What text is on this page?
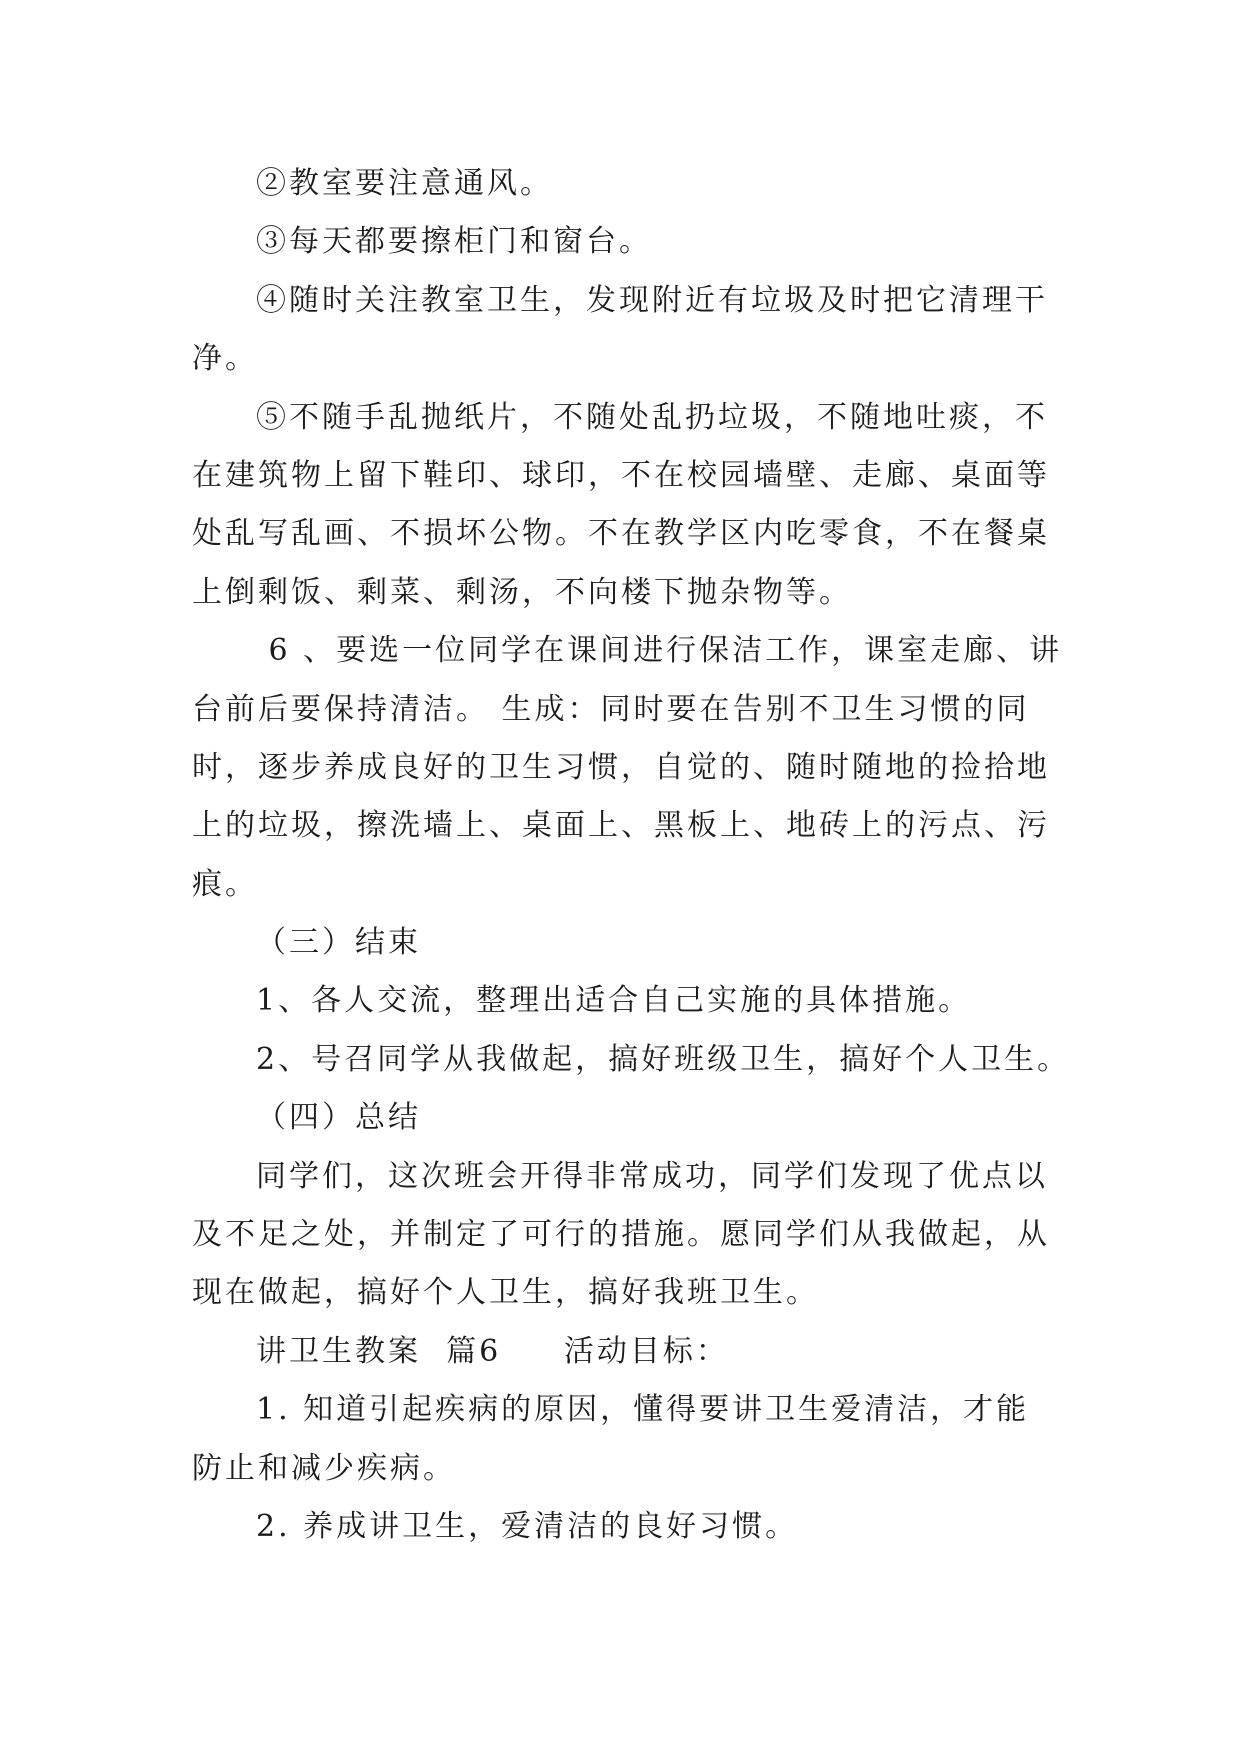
②教室要注意通风。
③每天都要擦柜门和窗台。
④随时关注教室卫生，发现附近有垃圾及时把它清理干
净。
⑤不随手乱抛纸片，不随处乱扔垃圾，不随地吐痰，不
在建筑物上留下鞋印、球印，不在校园墙壁、走廊、桌面等
处乱写乱画、不损坏公物。不在教学区内吃零食，不在餐桌
上倒剩饭、剩菜、剩汤，不向楼下抛杂物等。
6 、要选一位同学在课间进行保洁工作，课室走廊、讲
台前后要保持清洁。 生成：同时要在告别不卫生习惯的同
时，逐步养成良好的卫生习惯，自觉的、随时随地的捡拾地
上的垃圾，擦洗墙上、桌面上、黑板上、地砖上的污点、污
痕。
（三）结束
1、各人交流，整理出适合自己实施的具体措施。
2、号召同学从我做起，搞好班级卫生，搞好个人卫生。
（四）总结
同学们，这次班会开得非常成功，同学们发现了优点以
及不足之处，并制定了可行的措施。愿同学们从我做起，从
现在做起，搞好个人卫生，搞好我班卫生。
讲卫生教案  篇6     活动目标：
1. 知道引起疾病的原因，懂得要讲卫生爱清洁，才能
防止和减少疾病。
2. 养成讲卫生，爱清洁的良好习惯。
